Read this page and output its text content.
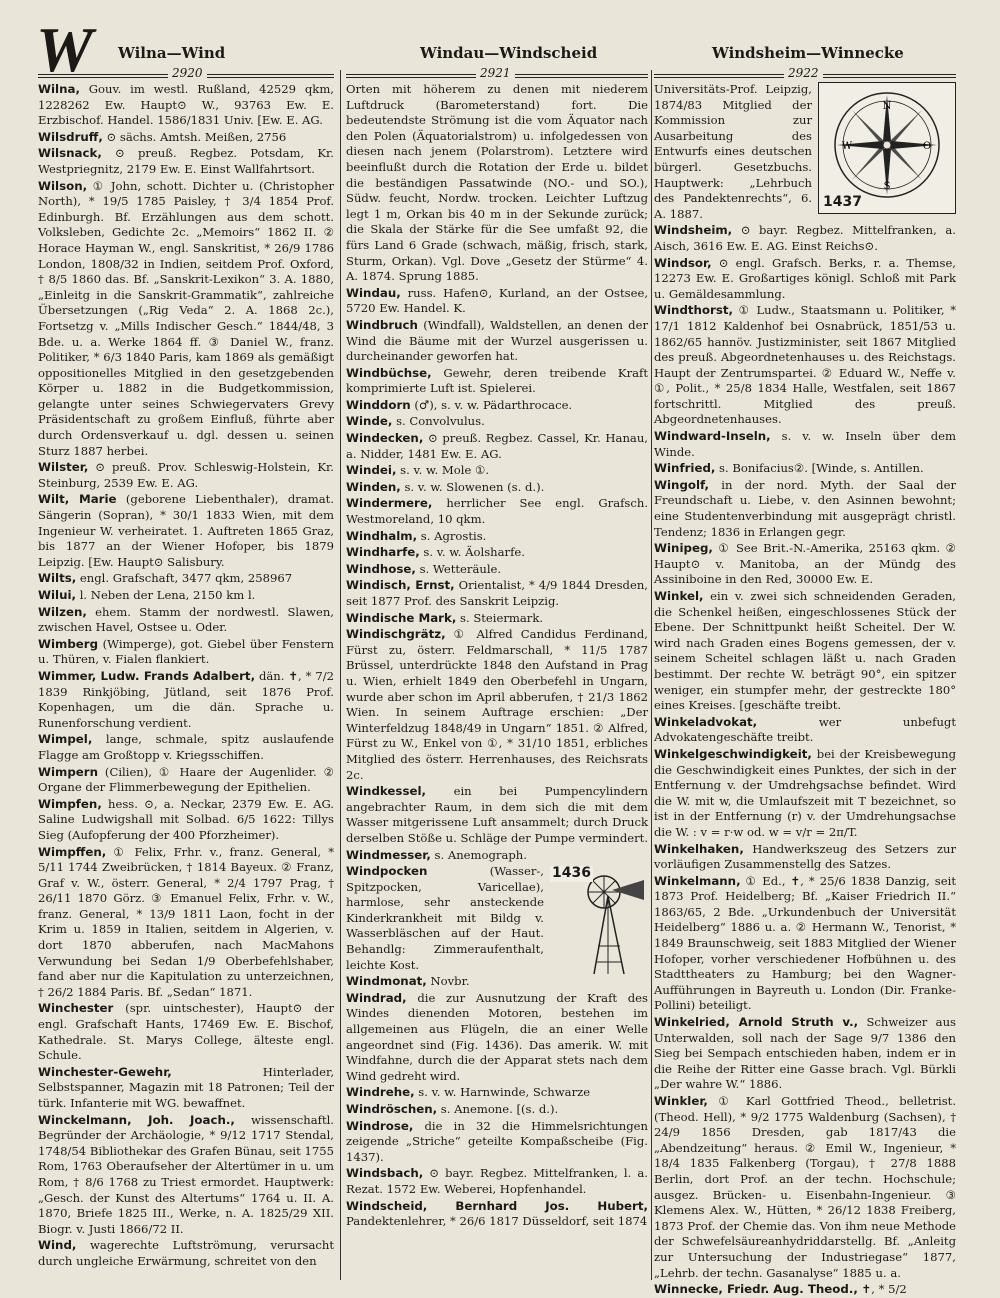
W Wilna—Wind	Windau—Windscheid	Windsheim—Winnecke
2920	2921	2922

Wilna, Gouv. im westl. Rußland, 42529 qkm, 1228262 Ew. Haupt⊙ W., 93763 Ew. E. Erzbischof. Handel. 1586/1831 Univ. [Ew. E. AG.

Wilsdruff, ⊙ sächs. Amtsh. Meißen, 2756

Wilsnack, ⊙ preuß. Regbez. Potsdam, Kr. Westpriegnitz, 2179 Ew. E. Einst Wallfahrtsort.

Wilson, ① John, schott. Dichter u. (Christopher North), * 19/5 1785 Paisley, † 3/4 1854 Prof. Edinburgh. Bf. Erzählungen aus dem schott. Volksleben, Gedichte 2c. „Memoirs“ 1862 II. ② Horace Hayman W., engl. Sanskritist, * 26/9 1786 London, 1808/32 in Indien, seitdem Prof. Oxford, † 8/5 1860 das. Bf. „Sanskrit-Lexikon“ 3. A. 1880, „Einleitg in die Sanskrit-Grammatik“, zahlreiche Übersetzungen („Rig Veda“ 2. A. 1868 2c.), Fortsetzg v. „Mills Indischer Gesch.“ 1844/48, 3 Bde. u. a. Werke 1864 ff. ③ Daniel W., franz. Politiker, * 6/3 1840 Paris, kam 1869 als gemäßigt oppositionelles Mitglied in den gesetzgebenden Körper u. 1882 in die Budgetkommission, gelangte unter seines Schwiegervaters Grevy Präsidentschaft zu großem Einfluß, führte aber durch Ordensverkauf u. dgl. dessen u. seinen Sturz 1887 herbei.

Wilster, ⊙ preuß. Prov. Schleswig-Holstein, Kr. Steinburg, 2539 Ew. E. AG.

Wilt, Marie (geborene Liebenthaler), dramat. Sängerin (Sopran), * 30/1 1833 Wien, mit dem Ingenieur W. verheiratet. 1. Auftreten 1865 Graz, bis 1877 an der Wiener Hofoper, bis 1879 Leipzig. [Ew. Haupt⊙ Salisbury.

Wilts, engl. Grafschaft, 3477 qkm, 258967

Wilui, l. Neben der Lena, 2150 km l.

Wilzen, ehem. Stamm der nordwestl. Slawen, zwischen Havel, Ostsee u. Oder.

Wimberg (Wimperge), got. Giebel über Fenstern u. Thüren, v. Fialen flankiert.

Wimmer, Ludw. Frands Adalbert, dän. ✝, * 7/2 1839 Rinkjöbing, Jütland, seit 1876 Prof. Kopenhagen, um die dän. Sprache u. Runenforschung verdient.

Wimpel, lange, schmale, spitz auslaufende Flagge am Großtopp v. Kriegsschiffen.

Wimpern (Cilien), ① Haare der Augenlider. ② Organe der Flimmerbewegung der Epithelien.

Wimpfen, hess. ⊙, a. Neckar, 2379 Ew. E. AG. Saline Ludwigshall mit Solbad. 6/5 1622: Tillys Sieg (Aufopferung der 400 Pforzheimer).

Wimpffen, ① Felix, Frhr. v., franz. General, * 5/11 1744 Zweibrücken, † 1814 Bayeux. ② Franz, Graf v. W., österr. General, * 2/4 1797 Prag, † 26/11 1870 Görz. ③ Emanuel Felix, Frhr. v. W., franz. General, * 13/9 1811 Laon, focht in der Krim u. 1859 in Italien, seitdem in Algerien, v. dort 1870 abberufen, nach MacMahons Verwundung bei Sedan 1/9 Oberbefehlshaber, fand aber nur die Kapitulation zu unterzeichnen, † 26/2 1884 Paris. Bf. „Sedan“ 1871.

Winchester (spr. uintschester), Haupt⊙ der engl. Grafschaft Hants, 17469 Ew. E. Bischof, Kathedrale. St. Marys College, älteste engl. Schule.

Winchester-Gewehr, Hinterlader, Selbstspanner, Magazin mit 18 Patronen; Teil der türk. Infanterie mit WG. bewaffnet.

Winckelmann, Joh. Joach., wissenschaftl. Begründer der Archäologie, * 9/12 1717 Stendal, 1748/54 Bibliothekar des Grafen Bünau, seit 1755 Rom, 1763 Oberaufseher der Altertümer in u. um Rom, † 8/6 1768 zu Triest ermordet. Hauptwerk: „Gesch. der Kunst des Altertums“ 1764 u. II. A. 1870, Briefe 1825 III., Werke, n. A. 1825/29 XII. Biogr. v. Justi 1866/72 II.

Wind, wagerechte Luftströmung, verursacht durch ungleiche Erwärmung, schreitet von den

Orten mit höherem zu denen mit niederem Luftdruck (Barometerstand) fort. Die bedeutendste Strömung ist die vom Äquator nach den Polen (Äquatorialstrom) u. infolgedessen von diesen nach jenem (Polarstrom). Letztere wird beeinflußt durch die Rotation der Erde u. bildet die beständigen Passatwinde (NO.- und SO.), Südw. feucht, Nordw. trocken. Leichter Luftzug legt 1 m, Orkan bis 40 m in der Sekunde zurück; die Skala der Stärke für die See umfaßt 92, die fürs Land 6 Grade (schwach, mäßig, frisch, stark, Sturm, Orkan). Vgl. Dove „Gesetz der Stürme“ 4. A. 1874. Sprung 1885.

Windau, russ. Hafen⊙, Kurland, an der Ostsee, 5720 Ew. Handel. K.

Windbruch (Windfall), Waldstellen, an denen der Wind die Bäume mit der Wurzel ausgerissen u. durcheinander geworfen hat.

Windbüchse, Gewehr, deren treibende Kraft komprimierte Luft ist. Spielerei.

Winddorn (♂), s. v. w. Pädarthrocace.

Winde, s. Convolvulus.

Windecken, ⊙ preuß. Regbez. Cassel, Kr. Hanau, a. Nidder, 1481 Ew. E. AG.

Windei, s. v. w. Mole ①.

Winden, s. v. w. Slowenen (s. d.).

Windermere, herrlicher See engl. Grafsch. Westmoreland, 10 qkm.

Windhalm, s. Agrostis.

Windharfe, s. v. w. Äolsharfe.

Windhose, s. Wetteräule.

Windisch, Ernst, Orientalist, * 4/9 1844 Dresden, seit 1877 Prof. des Sanskrit Leipzig.

Windische Mark, s. Steiermark.

Windischgrätz, ① Alfred Candidus Ferdinand, Fürst zu, österr. Feldmarschall, * 11/5 1787 Brüssel, unterdrückte 1848 den Aufstand in Prag u. Wien, erhielt 1849 den Oberbefehl in Ungarn, wurde aber schon im April abberufen, † 21/3 1862 Wien. In seinem Auftrage erschien: „Der Winterfeldzug 1848/49 in Ungarn“ 1851. ② Alfred, Fürst zu W., Enkel von ①, * 31/10 1851, erbliches Mitglied des österr. Herrenhauses, des Reichsrats 2c.

Windkessel, ein bei Pumpencylindern angebrachter Raum, in dem sich die mit dem Wasser mitgerissene Luft ansammelt; durch Druck derselben Stöße u. Schläge der Pumpe vermindert.

Windmesser, s. Anemograph.

1436

Windpocken (Wasser-, Spitzpocken, Varicellae), harmlose, sehr ansteckende Kinderkrankheit mit Bildg v. Wasserbläschen auf der Haut. Behandlg: Zimmeraufenthalt, leichte Kost.

Windmonat, Novbr.

Windrad, die zur Ausnutzung der Kraft des Windes dienenden Motoren, bestehen im allgemeinen aus Flügeln, die an einer Welle angeordnet sind (Fig. 1436). Das amerik. W. mit Windfahne, durch die der Apparat stets nach dem Wind gedreht wird.

Windrehe, s. v. w. Harnwinde, Schwarze

Windröschen, s. Anemone. [(s. d.).

Windrose, die in 32 die Himmelsrichtungen zeigende „Striche“ geteilte Kompaßscheibe (Fig. 1437).

Windsbach, ⊙ bayr. Regbez. Mittelfranken, l. a. Rezat. 1572 Ew. Weberei, Hopfenhandel.

Windscheid, Bernhard Jos. Hubert, Pandektenlehrer, * 26/6 1817 Düsseldorf, seit 1874

N
S
O
W
1437

Universitäts-Prof. Leipzig, 1874/83 Mitglied der Kommission zur Ausarbeitung des Entwurfs eines deutschen bürgerl. Gesetzbuchs. Hauptwerk: „Lehrbuch des Pandektenrechts“, 6. A. 1887.

Windsheim, ⊙ bayr. Regbez. Mittelfranken, a. Aisch, 3616 Ew. E. AG. Einst Reichs⊙.

Windsor, ⊙ engl. Grafsch. Berks, r. a. Themse, 12273 Ew. E. Großartiges königl. Schloß mit Park u. Gemäldesammlung.

Windthorst, ① Ludw., Staatsmann u. Politiker, * 17/1 1812 Kaldenhof bei Osnabrück, 1851/53 u. 1862/65 hannöv. Justizminister, seit 1867 Mitglied des preuß. Abgeordnetenhauses u. des Reichstags. Haupt der Zentrumspartei. ② Eduard W., Neffe v. ①, Polit., * 25/8 1834 Halle, Westfalen, seit 1867 fortschrittl. Mitglied des preuß. Abgeordnetenhauses.

Windward-Inseln, s. v. w. Inseln über dem Winde.

Winfried, s. Bonifacius②. [Winde, s. Antillen.

Wingolf, in der nord. Myth. der Saal der Freundschaft u. Liebe, v. den Asinnen bewohnt; eine Studentenverbindung mit ausgeprägt christl. Tendenz; 1836 in Erlangen gegr.

Winipeg, ① See Brit.-N.-Amerika, 25163 qkm. ② Haupt⊙ v. Manitoba, an der Mündg des Assiniboine in den Red, 30000 Ew. E.

Winkel, ein v. zwei sich schneidenden Geraden, die Schenkel heißen, eingeschlossenes Stück der Ebene. Der Schnittpunkt heißt Scheitel. Der W. wird nach Graden eines Bogens gemessen, der v. seinem Scheitel schlagen läßt u. nach Graden bestimmt. Der rechte W. beträgt 90°, ein spitzer weniger, ein stumpfer mehr, der gestreckte 180° eines Kreises. [geschäfte treibt.

Winkeladvokat, wer unbefugt Advokatengeschäfte treibt.

Winkelgeschwindigkeit, bei der Kreisbewegung die Geschwindigkeit eines Punktes, der sich in der Entfernung v. der Umdrehgsachse befindet. Wird die W. mit w, die Umlaufszeit mit T bezeichnet, so ist in der Entfernung (r) v. der Umdrehungsachse die W. : v = r·w od. w = v/r = 2π/T.

Winkelhaken, Handwerkszeug des Setzers zur vorläufigen Zusammenstellg des Satzes.

Winkelmann, ① Ed., ✝, * 25/6 1838 Danzig, seit 1873 Prof. Heidelberg; Bf. „Kaiser Friedrich II.“ 1863/65, 2 Bde. „Urkundenbuch der Universität Heidelberg“ 1886 u. a. ② Hermann W., Tenorist, * 1849 Braunschweig, seit 1883 Mitglied der Wiener Hofoper, vorher verschiedener Hofbühnen u. des Stadttheaters zu Hamburg; bei den Wagner-Aufführungen in Bayreuth u. London (Dir. Franke-Pollini) beteiligt.

Winkelried, Arnold Struth v., Schweizer aus Unterwalden, soll nach der Sage 9/7 1386 den Sieg bei Sempach entschieden haben, indem er in die Reihe der Ritter eine Gasse brach. Vgl. Bürkli „Der wahre W.“ 1886.

Winkler, ① Karl Gottfried Theod., belletrist. (Theod. Hell), * 9/2 1775 Waldenburg (Sachsen), † 24/9 1856 Dresden, gab 1817/43 die „Abendzeitung“ heraus. ② Emil W., Ingenieur, * 18/4 1835 Falkenberg (Torgau), † 27/8 1888 Berlin, dort Prof. an der techn. Hochschule; ausgez. Brücken- u. Eisenbahn-Ingenieur. ③ Klemens Alex. W., Hütten, * 26/12 1838 Freiberg, 1873 Prof. der Chemie das. Von ihm neue Methode der Schwefelsäureanhydriddarstellg. Bf. „Anleitg zur Untersuchung der Industriegase“ 1877, „Lehrb. der techn. Gasanalyse“ 1885 u. a.

Winnecke, Friedr. Aug. Theod., ✝, * 5/2
